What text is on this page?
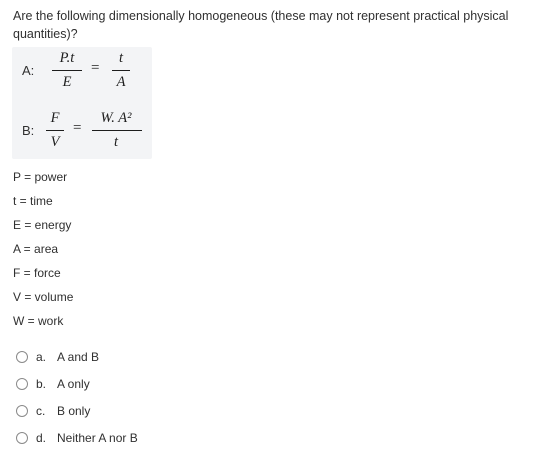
Are the following dimensionally homogeneous (these may not represent practical physical
quantities)?
A:
P.t
E
=
t
A
B:
F
V
=
W. A²
t
P = power
t = time
E = energy
A = area
F = force
V = volume
W = work
a. A and B
b. A only
c. B only
d. Neither A nor B
